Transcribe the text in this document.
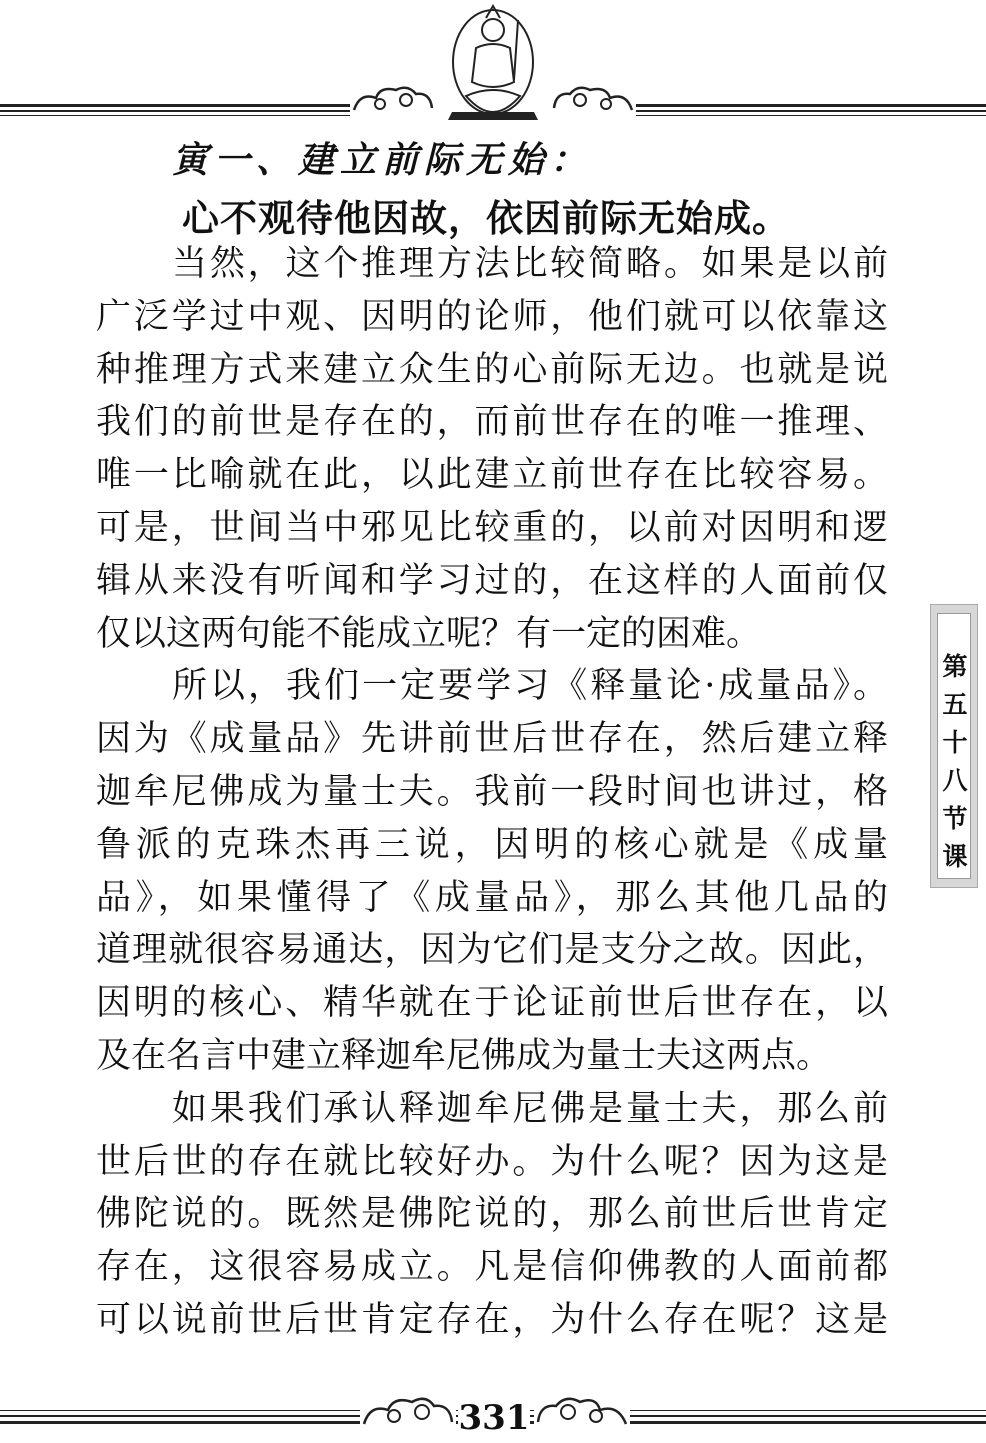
寅一、建立前际无始：
心不观待他因故，依因前际无始成。
当然，这个推理方法比较简略。如果是以前
广泛学过中观、因明的论师，他们就可以依靠这
种推理方式来建立众生的心前际无边。也就是说
我们的前世是存在的，而前世存在的唯一推理、
唯一比喻就在此，以此建立前世存在比较容易。
可是，世间当中邪见比较重的，以前对因明和逻
辑从来没有听闻和学习过的，在这样的人面前仅
仅以这两句能不能成立呢？有一定的困难。
所以，我们一定要学习《释量论·成量品》。
因为《成量品》先讲前世后世存在，然后建立释
迦牟尼佛成为量士夫。我前一段时间也讲过，格
鲁派的克珠杰再三说，因明的核心就是《成量
品》，如果懂得了《成量品》，那么其他几品的
道理就很容易通达，因为它们是支分之故。因此，
因明的核心、精华就在于论证前世后世存在，以
及在名言中建立释迦牟尼佛成为量士夫这两点。
如果我们承认释迦牟尼佛是量士夫，那么前
世后世的存在就比较好办。为什么呢？因为这是
佛陀说的。既然是佛陀说的，那么前世后世肯定
存在，这很容易成立。凡是信仰佛教的人面前都
可以说前世后世肯定存在，为什么存在呢？这是
第五十八节课
331
